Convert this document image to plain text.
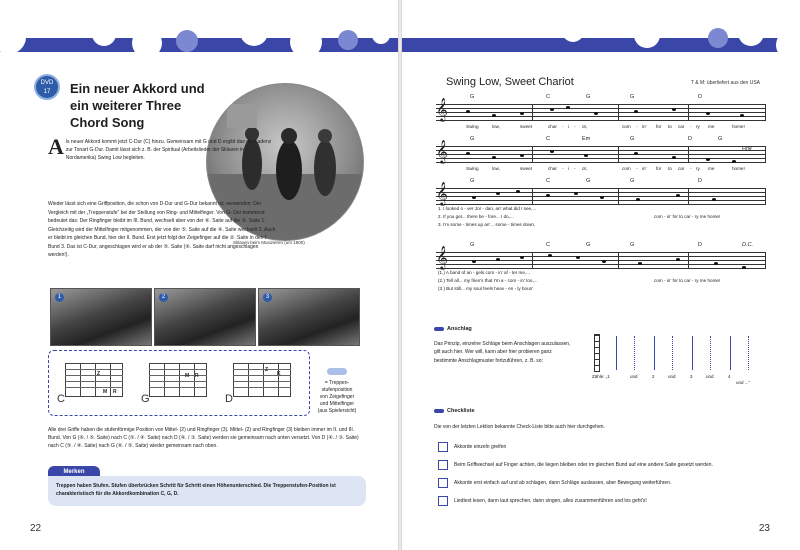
DVD
17	Ein neuer Akkord und
ein weiterer Three
Chord Song
Sklaven beim Musizieren (um 1800)
A ls neuer Akkord kommt jetzt C-Dur (C) hinzu. Gemeinsam mit G und D ergibt das die Kadenz zur Tonart G-Dur. Damit lässt sich z. B. der Spiritual (Arbeitslieder der Sklaven in Nordamerika) Swing Low begleiten.

Wieder lässt sich eine Griffposition, die schon von D-Dur und G-Dur bekannt ist, verwenden: Der Vergleich mit der „Treppenstufe“ bei der Stellung von Ring- und Mittelfinger. Von G- Dur kommend bedeutet das: Der Ringfinger bleibt im III. Bund, wechselt aber von der ⑥. Saite auf die ⑤. Saite 1. Gleichzeitig wird der Mittelfinger mitgenommen, der von der ⑤. Saite auf die ④. Saite wechselt 2. Auch er bleibt im gleichen Bund, hier der II. Bund. Erst jetzt folgt der Zeigefinger auf die ②. Saite in den I. Bund 3. Das ist C-Dur, angeschlagen wird er ab der ⑤. Saite (⑥. Saite darf nicht angeschlagen werden!).
1	2	3
C
Z
M R
G
M R
D
Z
K
= Treppen-
stufenposition
von Zeigefinger
und Mittelfinger
(aus Spielersicht)
Alle drei Griffe haben die stufenförmige Position von Mittel- (2) und Ringfinger (3). Mittel- (2) und Ringfinger (3) bleiben immer im II. und III. Bund. Von G (⑥. / ⑤. Saite) nach C (⑤. / ④. Saite) nach D (④. / ③. Saite) werden sie gemeinsam nach unten versetzt. Von D (④. / ③. Saite) nach C (⑤. / ④. Saite) nach G (⑥. / ⑤. Saite) wieder gemeinsam nach oben.
Merken
Treppen haben Stufen. Stufen überbrücken Schritt für Schritt einen Höhenunterschied. Die Treppenstufen-Position ist charakteristisch für die Akkordkombination C, G, D.
22
Swing Low, Sweet Chariot	T & M: überliefert aus den USA
G	C	G	G	D
𝄞
Swing	low,	sweet	char - i - ot,	com - in' for to car - ry me	home!
G	C	Em	G	D	G
Fine
𝄞
Swing	low,	sweet	char - i - ot,	com - in' for to car - ry me	home!
G	C	G	G	D
𝄞
1. I looked o - ver Jor - dan, an' what did I see,...
2. If you get... there be - fore... I do,...
3. I'm some - times up an'... some - times down,
com - in' for to car - ry me home!
G	C	G	G	D	D.C.
𝄞
(1.) A band of an - gels com - in' af - ter me,...
(2.) Tell all... my frien's that I'm a - com - in' too,...
(3.) But still... my soul feels heav - en - ly boun'
com - in' for to car - ry me home!
Anschlag
Das Prinzip, einzelne Schläge beim Anschlagen auszulassen, gilt auch hier. Wer will, kann aber hier probieren ganz bestimmte Anschlagmuster fortzuführen, z. B. so:
Zähle: „1	und	2	und	3	und	4
und ...“
Checkliste
Die von der letzten Lektion bekannte Check-Liste bitte auch hier durchgehen.
Akkorde einzeln greifen
Beim Griffwechsel auf Finger achten, die liegen bleiben oder im gleichen Bund auf eine andere Saite gesetzt werden.
Akkorde erst einfach auf und ab schlagen, dann Schläge auslassen, aber Bewegung weiterführen.
Liedtext lesen, dann laut sprechen, dann singen, alles zusammenführen und los geht's!
23
